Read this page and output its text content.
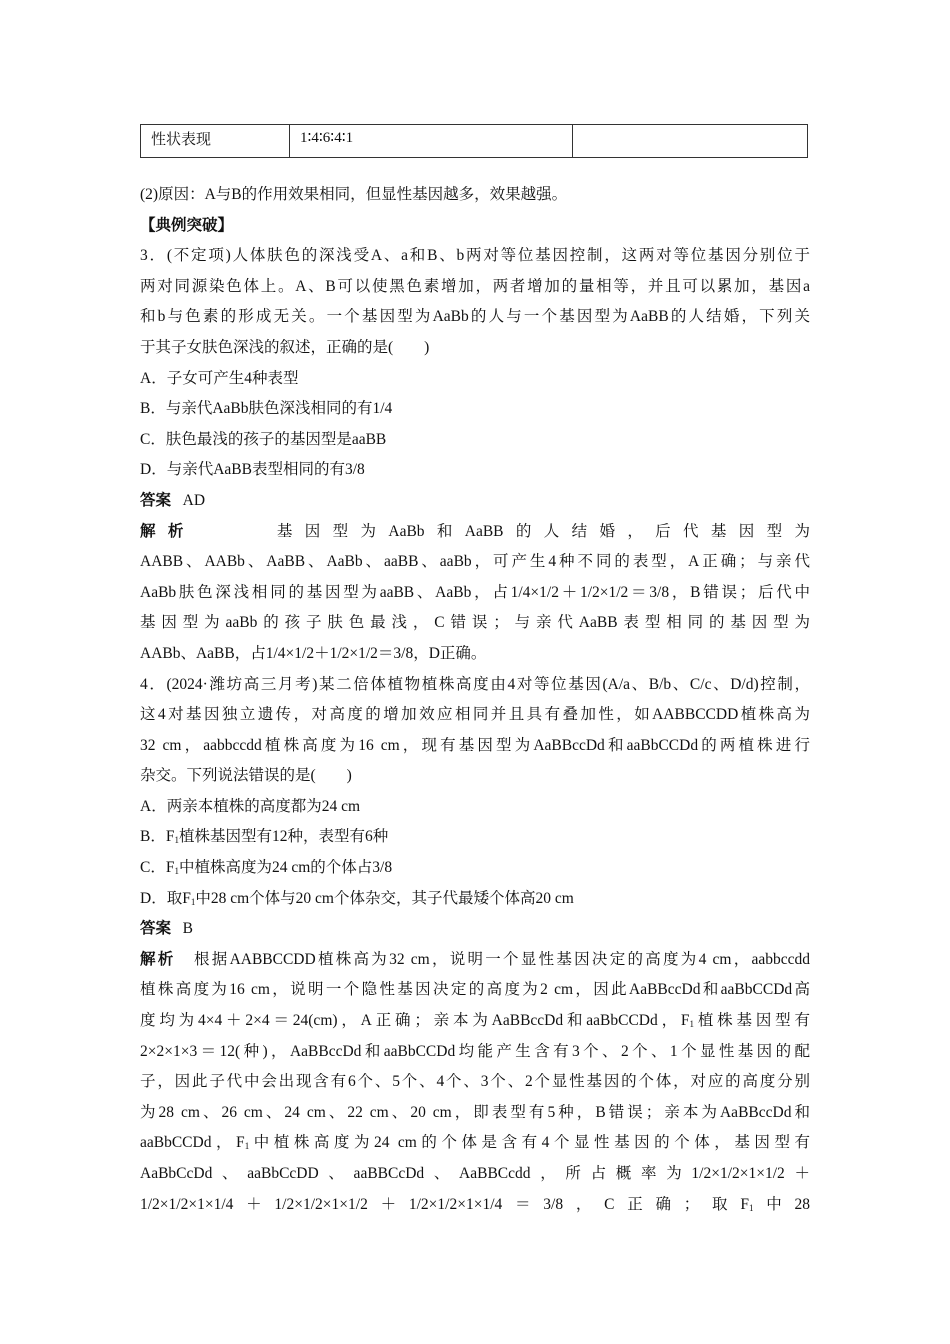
性状表现	1∶4∶6∶4∶1	

(2)原因：A与B的作用效果相同，但显性基因越多，效果越强。

【典例突破】

3．(不定项)人体肤色的深浅受A、a和B、b两对等位基因控制，这两对等位基因分别位于

两对同源染色体上。A、B可以使黑色素增加，两者增加的量相等，并且可以累加，基因a

和b与色素的形成无关。一个基因型为AaBb的人与一个基因型为AaBB的人结婚，下列关

于其子女肤色深浅的叙述，正确的是(　　)

A．子女可产生4种表型

B．与亲代AaBb肤色深浅相同的有1/4

C．肤色最浅的孩子的基因型是aaBB

D．与亲代AaBB表型相同的有3/8

答案 AD

解析	基因型为AaBb和AaBB的人结婚，后代基因型为

AABB、AABb、AaBB、AaBb、aaBB、aaBb，可产生4种不同的表型，A正确；与亲代

AaBb肤色深浅相同的基因型为aaBB、AaBb，占1/4×1/2＋1/2×1/2＝3/8，B错误；后代中

基因型为aaBb的孩子肤色最浅，C错误；与亲代AaBB表型相同的基因型为

AABb、AaBB，占1/4×1/2＋1/2×1/2＝3/8，D正确。

4．(2024·潍坊高三月考)某二倍体植物植株高度由4对等位基因(A/a、B/b、C/c、D/d)控制，

这4对基因独立遗传，对高度的增加效应相同并且具有叠加性，如AABBCCDD植株高为

32 cm，aabbccdd植株高度为16 cm，现有基因型为AaBBccDd和aaBbCCDd的两植株进行

杂交。下列说法错误的是(　　)

A．两亲本植株的高度都为24 cm

B．$F_1$植株基因型有12种，表型有6种

C．$F_1$中植株高度为24 cm的个体占3/8

D．取$F_1$中28 cm个体与20 cm个体杂交，其子代最矮个体高20 cm

答案 B

解析 根据AABBCCDD植株高为32 cm，说明一个显性基因决定的高度为4 cm，aabbccdd

植株高度为16 cm，说明一个隐性基因决定的高度为2 cm，因此AaBBccDd和aaBbCCDd高

度均为4×4＋2×4＝24(cm)，A正确；亲本为AaBBccDd和aaBbCCDd，$F_1$植株基因型有

2×2×1×3＝12(种)，AaBBccDd和aaBbCCDd均能产生含有3个、2个、1个显性基因的配

子，因此子代中会出现含有6个、5个、4个、3个、2个显性基因的个体，对应的高度分别

为28 cm、26 cm、24 cm、22 cm、20 cm，即表型有5种，B错误；亲本为AaBBccDd和

aaBbCCDd，$F_1$中植株高度为24 cm的个体是含有4个显性基因的个体，基因型有

AaBbCcDd、aaBbCcDD、aaBBCcDd、AaBBCcdd，所占概率为1/2×1/2×1×1/2＋

1/2×1/2×1×1/4＋1/2×1/2×1×1/2＋1/2×1/2×1×1/4＝3/8，C正确；取$F_1$中28
